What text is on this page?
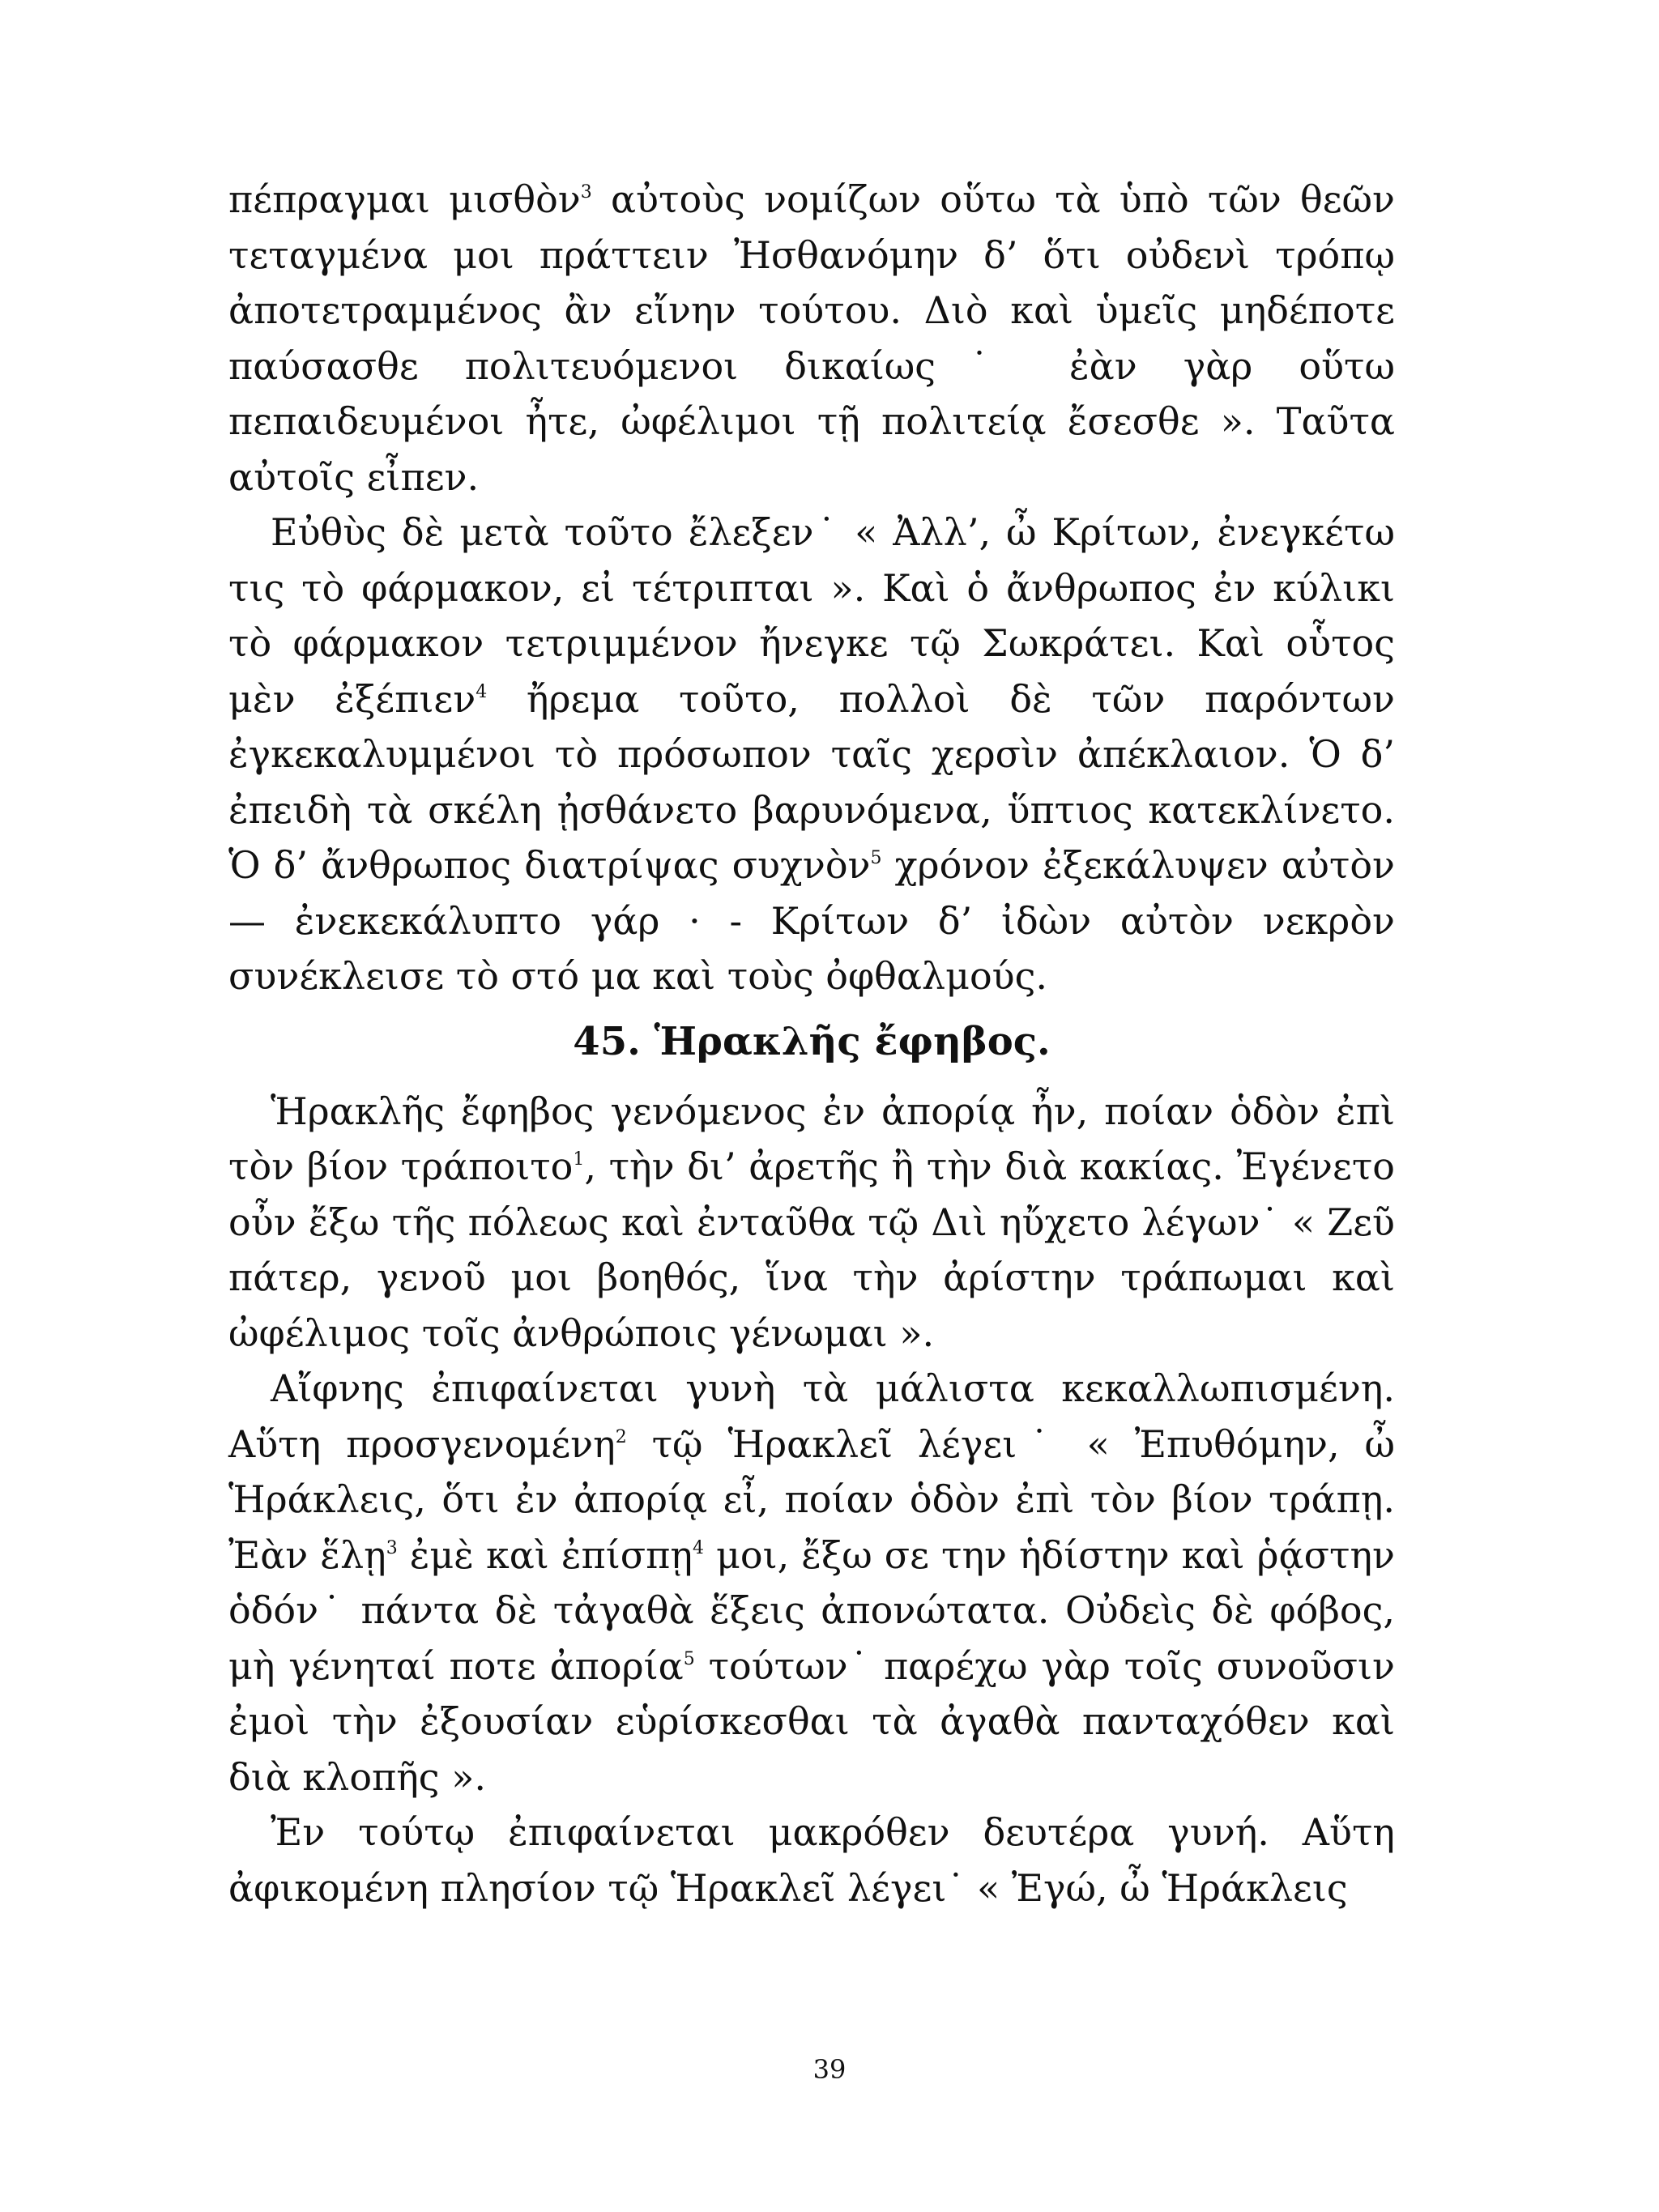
πέπραγμαι μισθὸν$^3$ αὐτοὺς νομίζων οὕτω τὰ ὑπὸ τῶν θεῶν τεταγμένα μοι πράττειν Ἠσθανόμην δ’ ὅτι οὐδενὶ τρόπῳ ἀποτετραμμένος ἂν εἴνην τούτου. Διὸ καὶ ὑμεῖς μηδέποτε παύσασθε πολιτευόμενοι δικαίως˙ ἐὰν γὰρ οὕτω πεπαιδευμένοι ἦτε, ὠφέλιμοι τῇ πολιτείᾳ ἔσεσθε ». Ταῦτα αὐτοῖς εἶπεν.

Εὐθὺς δὲ μετὰ τοῦτο ἔλεξεν˙ « Ἀλλ’, ὦ Κρίτων, ἐνεγκέτω τις τὸ φάρμακον, εἰ τέτριπται ». Καὶ ὁ ἄνθρωπος ἐν κύλικι τὸ φάρμακον τετριμμένον ἤνεγκε τῷ Σωκράτει. Καὶ οὗτος μὲν ἐξέπιεν$^4$ ἤρεμα τοῦτο, πολλοὶ δὲ τῶν παρόντων ἐγκεκαλυμμένοι τὸ πρόσωπον ταῖς χερσὶν ἀπέκλαιον. Ὁ δ’ ἐπειδὴ τὰ σκέλη ᾐσθάνετο βαρυνόμενα, ὕπτιος κατεκλίνετο. Ὁ δ’ ἄνθρωπος διατρίψας συχνὸν$^5$ χρόνον ἐξεκάλυψεν αὐτὸν — ἐνεκεκάλυπτο γάρ · - Κρίτων δ’ ἰδὼν αὐτὸν νεκρὸν συνέκλεισε τὸ στό μα καὶ τοὺς ὀφθαλμούς.

45. Ἡρακλῆς ἔφηβος.

Ἡρακλῆς ἔφηβος γενόμενος ἐν ἀπορίᾳ ἦν, ποίαν ὁδὸν ἐπὶ τὸν βίον τράποιτο$^1$, τὴν δι’ ἀρετῆς ἢ τὴν διὰ κακίας. Ἐγένετο οὖν ἔξω τῆς πόλεως καὶ ἐνταῦθα τῷ Διὶ ηὔχετο λέγων˙ « Ζεῦ πάτερ, γενοῦ μοι βοηθός, ἵνα τὴν ἀρίστην τράπωμαι καὶ ὠφέλιμος τοῖς ἀνθρώποις γένωμαι ».

Αἴφνης ἐπιφαίνεται γυνὴ τὰ μάλιστα κεκαλλωπισμένη. Αὕτη προσγενομένη$^2$ τῷ Ἡρακλεῖ λέγει˙ « Ἐπυθόμην, ὦ Ἡράκλεις, ὅτι ἐν ἀπορίᾳ εἶ, ποίαν ὁδὸν ἐπὶ τὸν βίον τράπῃ. Ἐὰν ἕλῃ$^3$ ἐμὲ καὶ ἐπίσπῃ$^4$ μοι, ἔξω σε την ἡδίστην καὶ ῥᾴστην ὁδόν˙ πάντα δὲ τἀγαθὰ ἕξεις ἀπονώτατα. Οὐδεὶς δὲ φόβος, μὴ γένηταί ποτε ἀπορία$^5$ τούτων˙ παρέχω γὰρ τοῖς συνοῦσιν ἐμοὶ τὴν ἐξουσίαν εὑρίσκεσθαι τὰ ἀγαθὰ πανταχόθεν καὶ διὰ κλοπῆς ».

Ἐν τούτῳ ἐπιφαίνεται μακρόθεν δευτέρα γυνή. Αὕτη ἀφικομένη πλησίον τῷ Ἡρακλεῖ λέγει˙ « Ἐγώ, ὦ Ἡράκλεις

39
